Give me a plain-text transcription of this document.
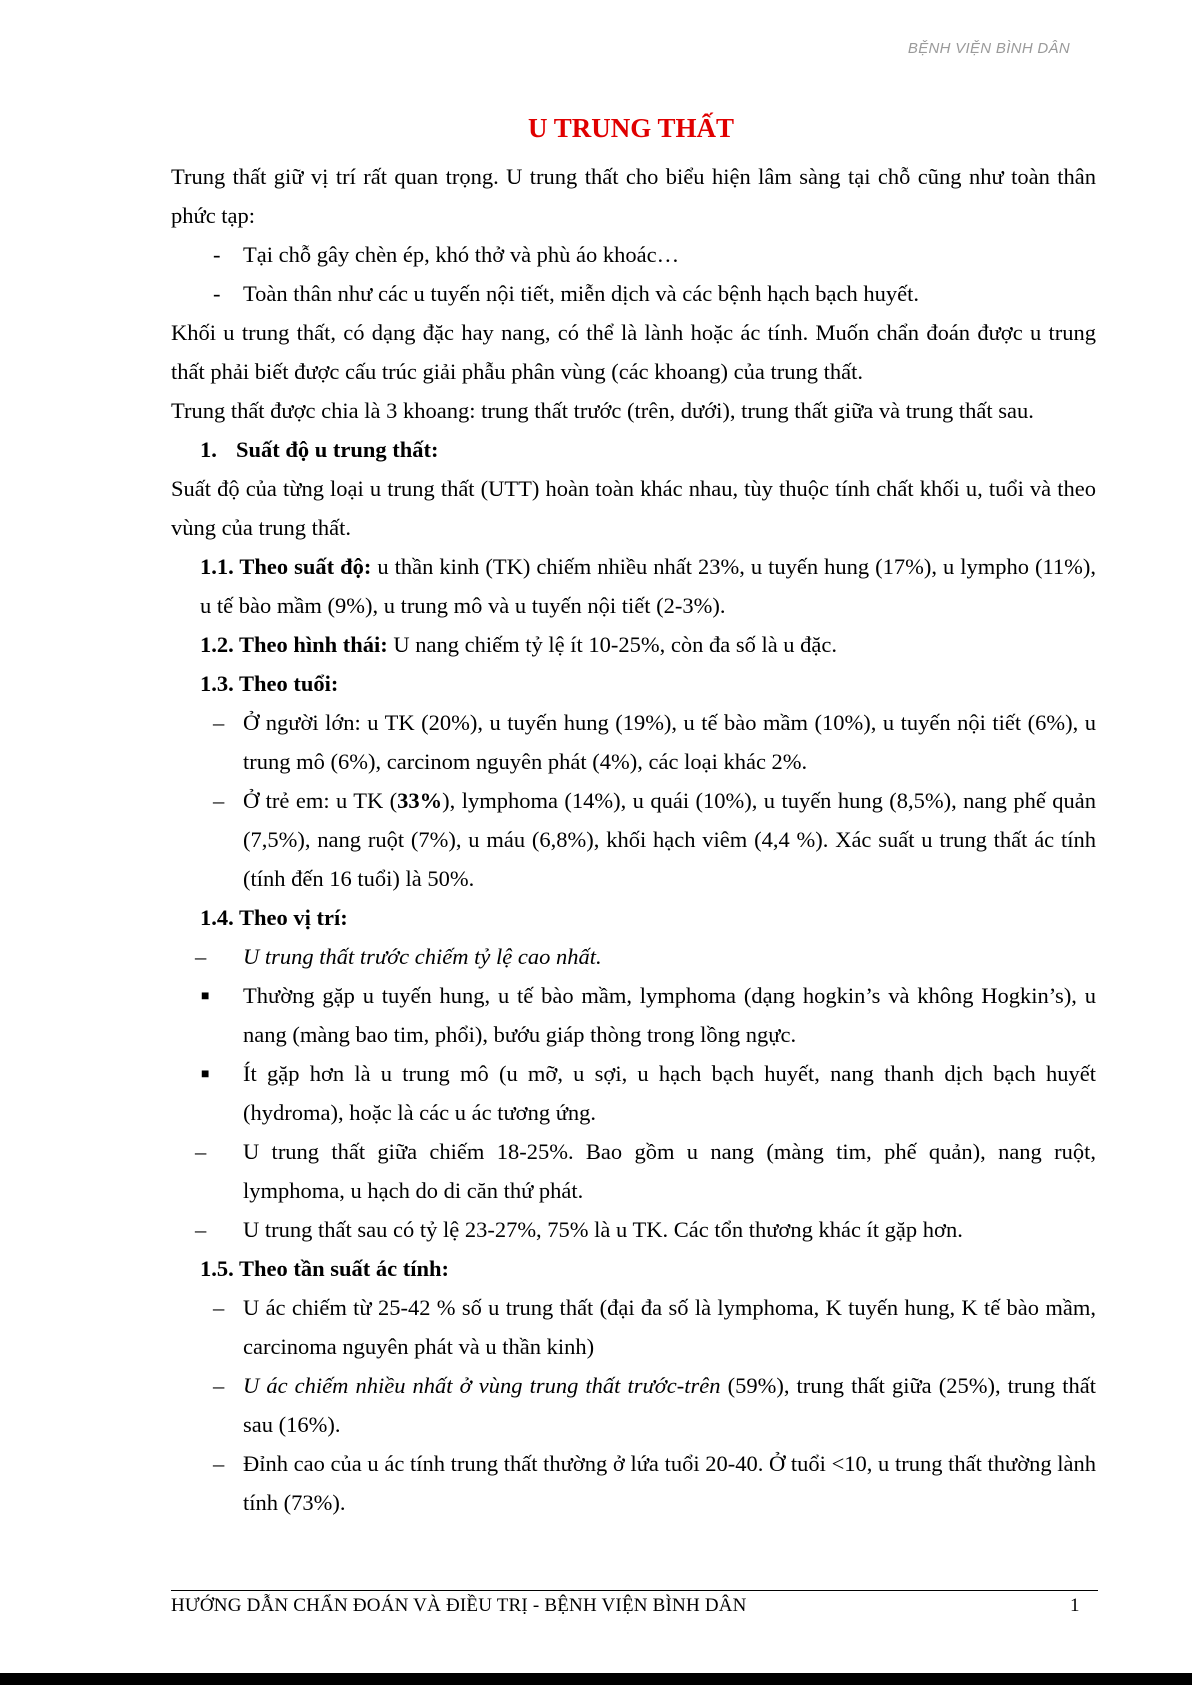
BỆNH VIỆN BÌNH DÂN
U TRUNG THẤT

Trung thất giữ vị trí rất quan trọng. U trung thất cho biểu hiện lâm sàng tại chỗ cũng như toàn thân phức tạp:

- Tại chỗ gây chèn ép, khó thở và phù áo khoác…
- Toàn thân như các u tuyến nội tiết, miễn dịch và các bệnh hạch bạch huyết.

Khối u trung thất, có dạng đặc hay nang, có thể là lành hoặc ác tính. Muốn chẩn đoán được u trung thất phải biết được cấu trúc giải phẫu phân vùng (các khoang) của trung thất.

Trung thất được chia là 3 khoang: trung thất trước (trên, dưới), trung thất giữa và trung thất sau.

1. Suất độ u trung thất:

Suất độ của từng loại u trung thất (UTT) hoàn toàn khác nhau, tùy thuộc tính chất khối u, tuổi và theo vùng của trung thất.

1.1. Theo suất độ: u thần kinh (TK) chiếm nhiều nhất 23%, u tuyến hung (17%), u lympho (11%), u tế bào mầm (9%), u trung mô và u tuyến nội tiết (2-3%).

1.2. Theo hình thái: U nang chiếm tỷ lệ ít 10-25%, còn đa số là u đặc.

1.3. Theo tuổi:

– Ở người lớn: u TK (20%), u tuyến hung (19%), u tế bào mầm (10%), u tuyến nội tiết (6%), u trung mô (6%), carcinom nguyên phát (4%), các loại khác 2%.
– Ở trẻ em: u TK (33%), lymphoma (14%), u quái (10%), u tuyến hung (8,5%), nang phế quản (7,5%), nang ruột (7%), u máu (6,8%), khối hạch viêm (4,4 %). Xác suất u trung thất ác tính (tính đến 16 tuổi) là 50%.

1.4. Theo vị trí:

– U trung thất trước chiếm tỷ lệ cao nhất.
■ Thường gặp u tuyến hung, u tế bào mầm, lymphoma (dạng hogkin’s và không Hogkin’s), u nang (màng bao tim, phổi), bướu giáp thòng trong lồng ngực.
■ Ít gặp hơn là u trung mô (u mỡ, u sợi, u hạch bạch huyết, nang thanh dịch bạch huyết (hydroma), hoặc là các u ác tương ứng.
– U trung thất giữa chiếm 18-25%. Bao gồm u nang (màng tim, phế quản), nang ruột, lymphoma, u hạch do di căn thứ phát.
– U trung thất sau có tỷ lệ 23-27%, 75% là u TK. Các tổn thương khác ít gặp hơn.

1.5. Theo tần suất ác tính:

– U ác chiếm từ 25-42 % số u trung thất (đại đa số là lymphoma, K tuyến hung, K tế bào mầm, carcinoma nguyên phát và u thần kinh)
– U ác chiếm nhiều nhất ở vùng trung thất trước-trên (59%), trung thất giữa (25%), trung thất sau (16%).
– Đỉnh cao của u ác tính trung thất thường ở lứa tuổi 20-40. Ở tuổi <10, u trung thất thường lành tính (73%).
HƯỚNG DẪN CHẨN ĐOÁN VÀ ĐIỀU TRỊ - BỆNH VIỆN BÌNH DÂN	1
